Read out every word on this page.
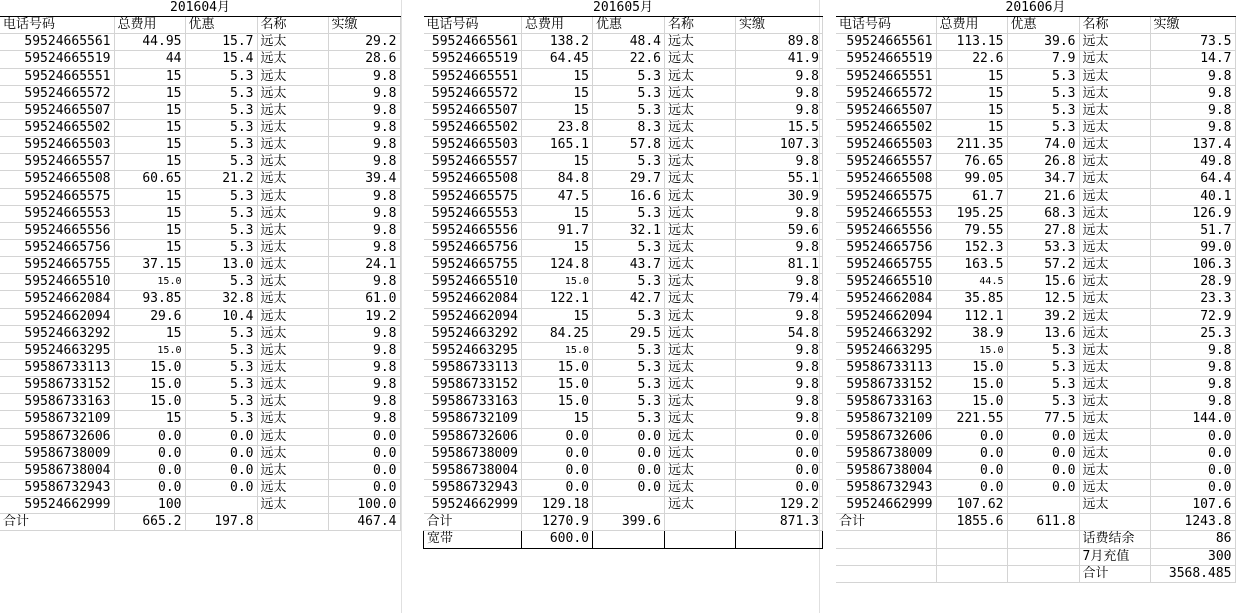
201604月				
电话号码	总费用	优惠	名称	实缴
59524665561	44.95	15.7	远太	29.2
59524665519	44	15.4	远太	28.6
59524665551	15	5.3	远太	9.8
59524665572	15	5.3	远太	9.8
59524665507	15	5.3	远太	9.8
59524665502	15	5.3	远太	9.8
59524665503	15	5.3	远太	9.8
59524665557	15	5.3	远太	9.8
59524665508	60.65	21.2	远太	39.4
59524665575	15	5.3	远太	9.8
59524665553	15	5.3	远太	9.8
59524665556	15	5.3	远太	9.8
59524665756	15	5.3	远太	9.8
59524665755	37.15	13.0	远太	24.1
59524665510	15.0	5.3	远太	9.8
59524662084	93.85	32.8	远太	61.0
59524662094	29.6	10.4	远太	19.2
59524663292	15	5.3	远太	9.8
59524663295	15.0	5.3	远太	9.8
59586733113	15.0	5.3	远太	9.8
59586733152	15.0	5.3	远太	9.8
59586733163	15.0	5.3	远太	9.8
59586732109	15	5.3	远太	9.8
59586732606	0.0	0.0	远太	0.0
59586738009	0.0	0.0	远太	0.0
59586738004	0.0	0.0	远太	0.0
59586732943	0.0	0.0	远太	0.0
59524662999	100		远太	100.0
合计	665.2	197.8		467.4
201605月				
电话号码	总费用	优惠	名称	实缴
59524665561	138.2	48.4	远太	89.8
59524665519	64.45	22.6	远太	41.9
59524665551	15	5.3	远太	9.8
59524665572	15	5.3	远太	9.8
59524665507	15	5.3	远太	9.8
59524665502	23.8	8.3	远太	15.5
59524665503	165.1	57.8	远太	107.3
59524665557	15	5.3	远太	9.8
59524665508	84.8	29.7	远太	55.1
59524665575	47.5	16.6	远太	30.9
59524665553	15	5.3	远太	9.8
59524665556	91.7	32.1	远太	59.6
59524665756	15	5.3	远太	9.8
59524665755	124.8	43.7	远太	81.1
59524665510	15.0	5.3	远太	9.8
59524662084	122.1	42.7	远太	79.4
59524662094	15	5.3	远太	9.8
59524663292	84.25	29.5	远太	54.8
59524663295	15.0	5.3	远太	9.8
59586733113	15.0	5.3	远太	9.8
59586733152	15.0	5.3	远太	9.8
59586733163	15.0	5.3	远太	9.8
59586732109	15	5.3	远太	9.8
59586732606	0.0	0.0	远太	0.0
59586738009	0.0	0.0	远太	0.0
59586738004	0.0	0.0	远太	0.0
59586732943	0.0	0.0	远太	0.0
59524662999	129.18		远太	129.2
合计	1270.9	399.6		871.3
宽带	600.0			
201606月				
电话号码	总费用	优惠	名称	实缴
59524665561	113.15	39.6	远太	73.5
59524665519	22.6	7.9	远太	14.7
59524665551	15	5.3	远太	9.8
59524665572	15	5.3	远太	9.8
59524665507	15	5.3	远太	9.8
59524665502	15	5.3	远太	9.8
59524665503	211.35	74.0	远太	137.4
59524665557	76.65	26.8	远太	49.8
59524665508	99.05	34.7	远太	64.4
59524665575	61.7	21.6	远太	40.1
59524665553	195.25	68.3	远太	126.9
59524665556	79.55	27.8	远太	51.7
59524665756	152.3	53.3	远太	99.0
59524665755	163.5	57.2	远太	106.3
59524665510	44.5	15.6	远太	28.9
59524662084	35.85	12.5	远太	23.3
59524662094	112.1	39.2	远太	72.9
59524663292	38.9	13.6	远太	25.3
59524663295	15.0	5.3	远太	9.8
59586733113	15.0	5.3	远太	9.8
59586733152	15.0	5.3	远太	9.8
59586733163	15.0	5.3	远太	9.8
59586732109	221.55	77.5	远太	144.0
59586732606	0.0	0.0	远太	0.0
59586738009	0.0	0.0	远太	0.0
59586738004	0.0	0.0	远太	0.0
59586732943	0.0	0.0	远太	0.0
59524662999	107.62		远太	107.6
合计	1855.6	611.8		1243.8
			话费结余	86
			7月充值	300
			合计	3568.485
